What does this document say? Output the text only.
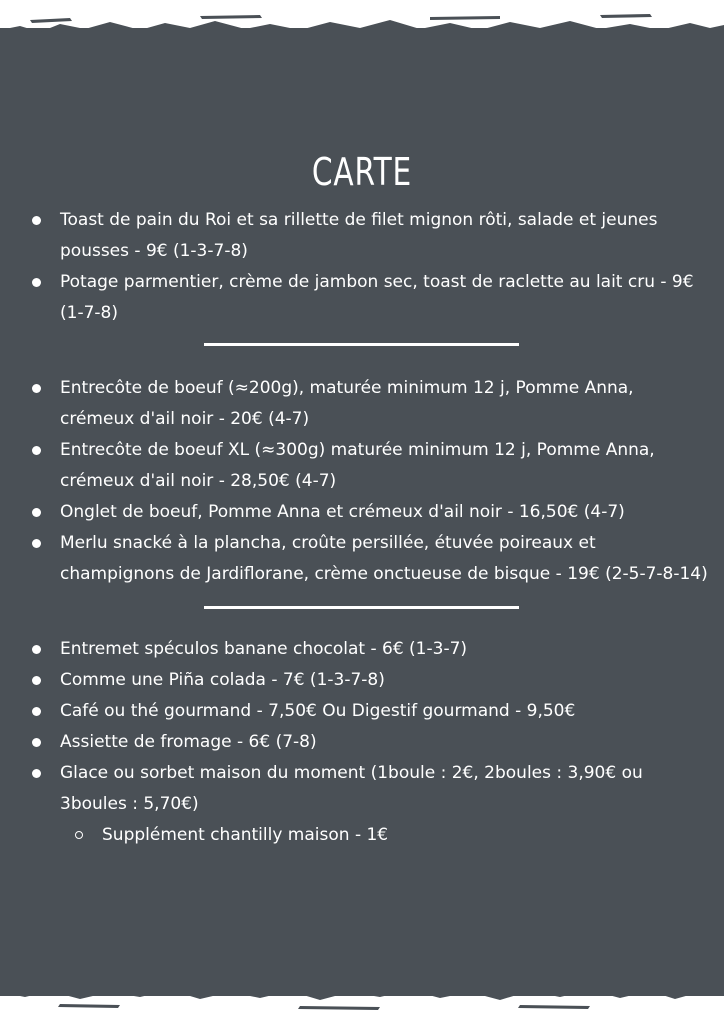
CARTE
Toast de pain du Roi et sa rillette de filet mignon rôti, salade et jeunes pousses - 9€ (1-3-7-8)
Potage parmentier, crème de jambon sec, toast de raclette au lait cru - 9€ (1-7-8)
Entrecôte de boeuf (≈200g), maturée minimum 12 j, Pomme Anna, crémeux d'ail noir - 20€ (4-7)
Entrecôte de boeuf XL (≈300g) maturée minimum 12 j, Pomme Anna, crémeux d'ail noir - 28,50€ (4-7)
Onglet de boeuf, Pomme Anna et crémeux d'ail noir - 16,50€ (4-7)
Merlu snacké à la plancha, croûte persillée, étuvée poireaux et champignons de Jardiflorane, crème onctueuse de bisque - 19€ (2-5-7-8-14)
Entremet spéculos banane chocolat - 6€ (1-3-7)
Comme une Piña colada - 7€ (1-3-7-8)
Café ou thé gourmand - 7,50€ Ou Digestif gourmand - 9,50€
Assiette de fromage - 6€ (7-8)
Glace ou sorbet maison du moment (1boule : 2€, 2boules : 3,90€ ou 3boules : 5,70€)
Supplément chantilly maison - 1€
